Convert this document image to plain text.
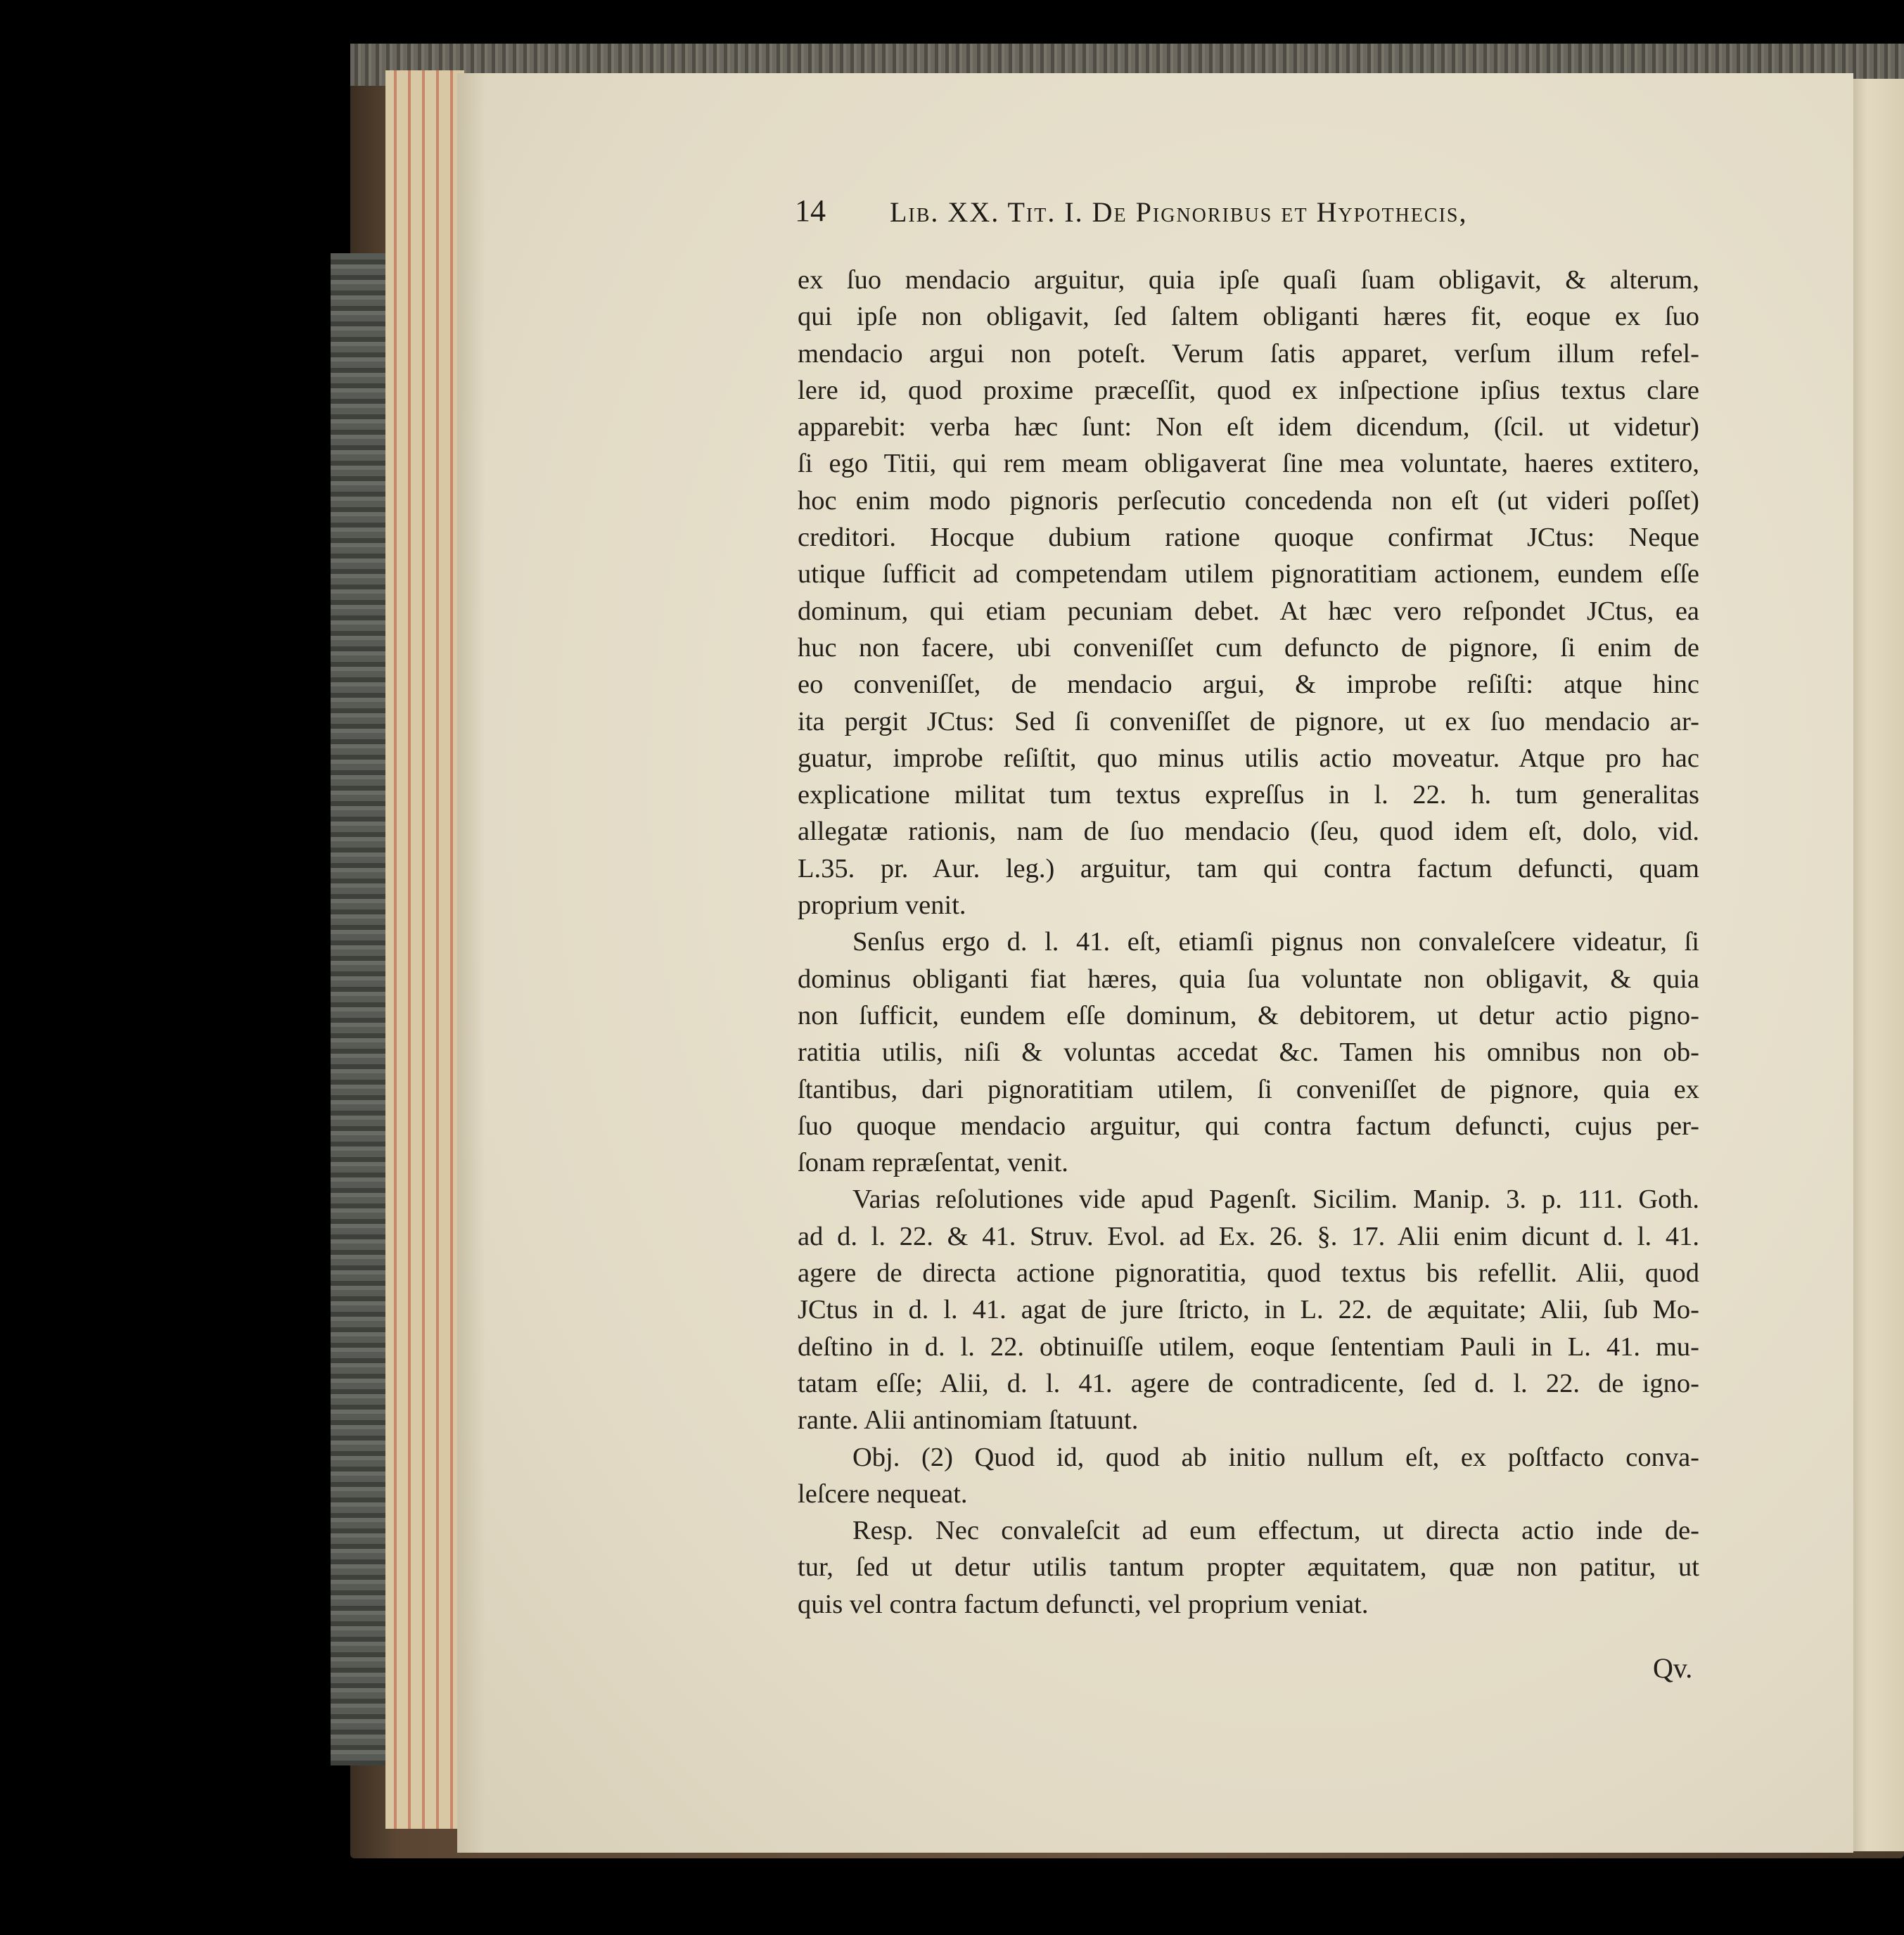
14 Lib. XX. Tit. I. De Pignoribus et Hypothecis,
ex ſuo mendacio arguitur, quia ipſe quaſi ſuam obligavit, & alterum,
qui ipſe non obligavit, ſed ſaltem obliganti hæres fit, eoque ex ſuo
mendacio argui non poteſt. Verum ſatis apparet, verſum illum refel-
lere id, quod proxime præceſſit, quod ex inſpectione ipſius textus clare
apparebit: verba hæc ſunt: Non eſt idem dicendum, (ſcil. ut videtur)
ſi ego Titii, qui rem meam obligaverat ſine mea voluntate, haeres extitero,
hoc enim modo pignoris perſecutio concedenda non eſt (ut videri poſſet)
creditori. Hocque dubium ratione quoque confirmat JCtus: Neque
utique ſufficit ad competendam utilem pignoratitiam actionem, eundem eſſe
dominum, qui etiam pecuniam debet. At hæc vero reſpondet JCtus, ea
huc non facere, ubi conveniſſet cum defuncto de pignore, ſi enim de
eo conveniſſet, de mendacio argui, & improbe reſiſti: atque hinc
ita pergit JCtus: Sed ſi conveniſſet de pignore, ut ex ſuo mendacio ar-
guatur, improbe reſiſtit, quo minus utilis actio moveatur. Atque pro hac
explicatione militat tum textus expreſſus in l. 22. h. tum generalitas
allegatæ rationis, nam de ſuo mendacio (ſeu, quod idem eſt, dolo, vid.
L.35. pr. Aur. leg.) arguitur, tam qui contra factum defuncti, quam
proprium venit.
Senſus ergo d. l. 41. eſt, etiamſi pignus non convaleſcere videatur, ſi
dominus obliganti fiat hæres, quia ſua voluntate non obligavit, & quia
non ſufficit, eundem eſſe dominum, & debitorem, ut detur actio pigno-
ratitia utilis, niſi & voluntas accedat &c. Tamen his omnibus non ob-
ſtantibus, dari pignoratitiam utilem, ſi conveniſſet de pignore, quia ex
ſuo quoque mendacio arguitur, qui contra factum defuncti, cujus per-
ſonam repræſentat, venit.
Varias reſolutiones vide apud Pagenſt. Sicilim. Manip. 3. p. 111. Goth.
ad d. l. 22. & 41. Struv. Evol. ad Ex. 26. §. 17. Alii enim dicunt d. l. 41.
agere de directa actione pignoratitia, quod textus bis refellit. Alii, quod
JCtus in d. l. 41. agat de jure ſtricto, in L. 22. de æquitate; Alii, ſub Mo-
deſtino in d. l. 22. obtinuiſſe utilem, eoque ſententiam Pauli in L. 41. mu-
tatam eſſe; Alii, d. l. 41. agere de contradicente, ſed d. l. 22. de igno-
rante. Alii antinomiam ſtatuunt.
Obj. (2) Quod id, quod ab initio nullum eſt, ex poſtfacto conva-
leſcere nequeat.
Resp. Nec convaleſcit ad eum effectum, ut directa actio inde de-
tur, ſed ut detur utilis tantum propter æquitatem, quæ non patitur, ut
quis vel contra factum defuncti, vel proprium veniat.
Qv.
